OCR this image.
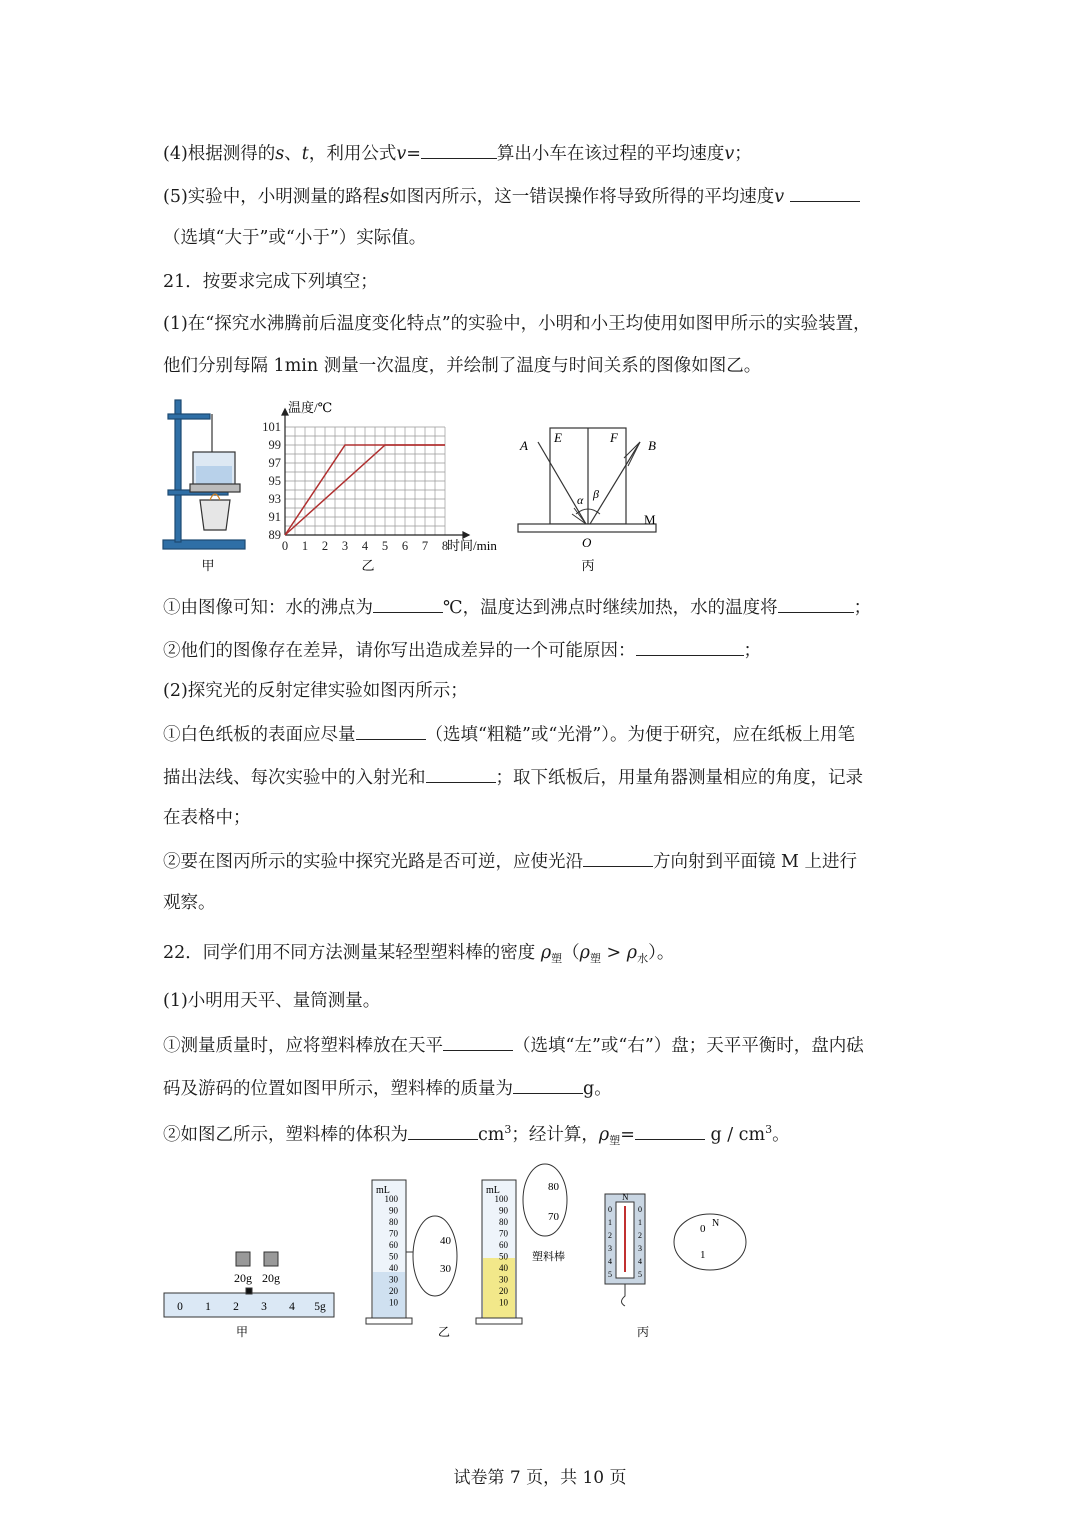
(4)根据测得的s、t，利用公式v=	算出小车在该过程的平均速度v；
(5)实验中，小明测量的路程s如图丙所示，这一错误操作将导致所得的平均速度v
（选填“大于”或“小于”）实际值。
21．按要求完成下列填空；
(1)在“探究水沸腾前后温度变化特点”的实验中，小明和小王均使用如图甲所示的实验装置，
他们分别每隔 1min 测量一次温度，并绘制了温度与时间关系的图像如图乙。
甲
101
99
97
95
93
91
89
0 1 2 3 4 5 6 7 8
温度/℃
时间/min
乙
E	F
A	B
α β
O
M
丙
①由图像可知：水的沸点为	℃，温度达到沸点时继续加热，水的温度将	；
②他们的图像存在差异，请你写出造成差异的一个可能原因：	；
(2)探究光的反射定律实验如图丙所示；
①白色纸板的表面应尽量	（选填“粗糙”或“光滑”）。为便于研究，应在纸板上用笔
描出法线、每次实验中的入射光和	；取下纸板后，用量角器测量相应的角度，记录
在表格中；
②要在图丙所示的实验中探究光路是否可逆，应使光沿	方向射到平面镜 M 上进行
观察。
22．同学们用不同方法测量某轻型塑料棒的密度 $\rho_塑(\rho_塑 > \rho_水)$。
(1)小明用天平、量筒测量。
①测量质量时，应将塑料棒放在天平	（选填“左”或“右”）盘；天平平衡时，盘内砝
码及游码的位置如图甲所示，塑料棒的质量为	g。
②如图乙所示，塑料棒的体积为	$cm^3$；经计算，$\rho_塑=$	g / $cm^3$。
20g 20g
0 1 2 3 4 5g
甲
mL	mL
100
90
80
70
60
50
40
30
20
10
100
90
80
70
60
50
40
30
20
10
40
30
80
70
塑料棒
乙
N
0	0
1	1
2	2
3	3
4	4
5	5
0
1
N
丙
试卷第 7 页，共 10 页
